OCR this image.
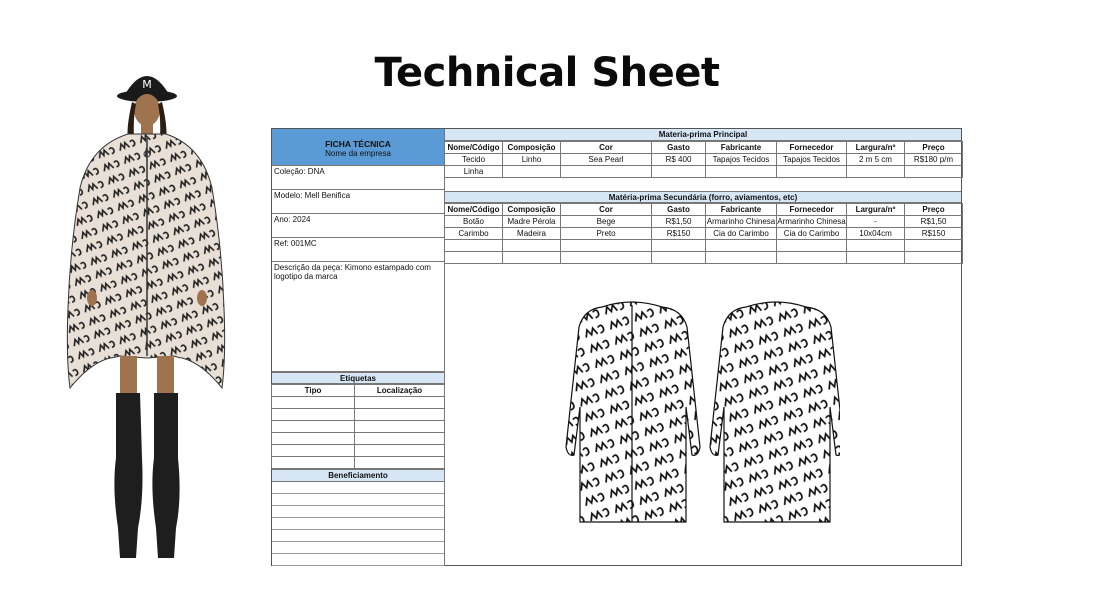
Technical Sheet
M
FICHA TÉCNICA
Nome da empresa
Coleção: DNA
Modelo: Mell Benifica
Ano: 2024
Ref: 001MC
Descrição da peça: Kimono estampado com logotipo da marca
Etiquetas
Tipo	Localização

Beneficiamento
Materia-prima Principal
Nome/Código	Composição	Cor	Gasto	Fabricante	Fornecedor	Largura/nº	Preço
Tecido	Linho	Sea Pearl	R$ 400	Tapajos Tecidos	Tapajos Tecidos	2 m 5 cm	R$180 p/m
Linha							
Matéria-prima Secundária (forro, aviamentos, etc)
Nome/Código	Composição	Cor	Gasto	Fabricante	Fornecedor	Largura/nº	Preço
Botão	Madre Pérola	Bege	R$1,50	Armarinho Chinesa	Armarinho Chinesa	-	R$1,50
Carimbo	Madeira	Preto	R$150	Cia do Carimbo	Cia do Carimbo	10x04cm	R$150
